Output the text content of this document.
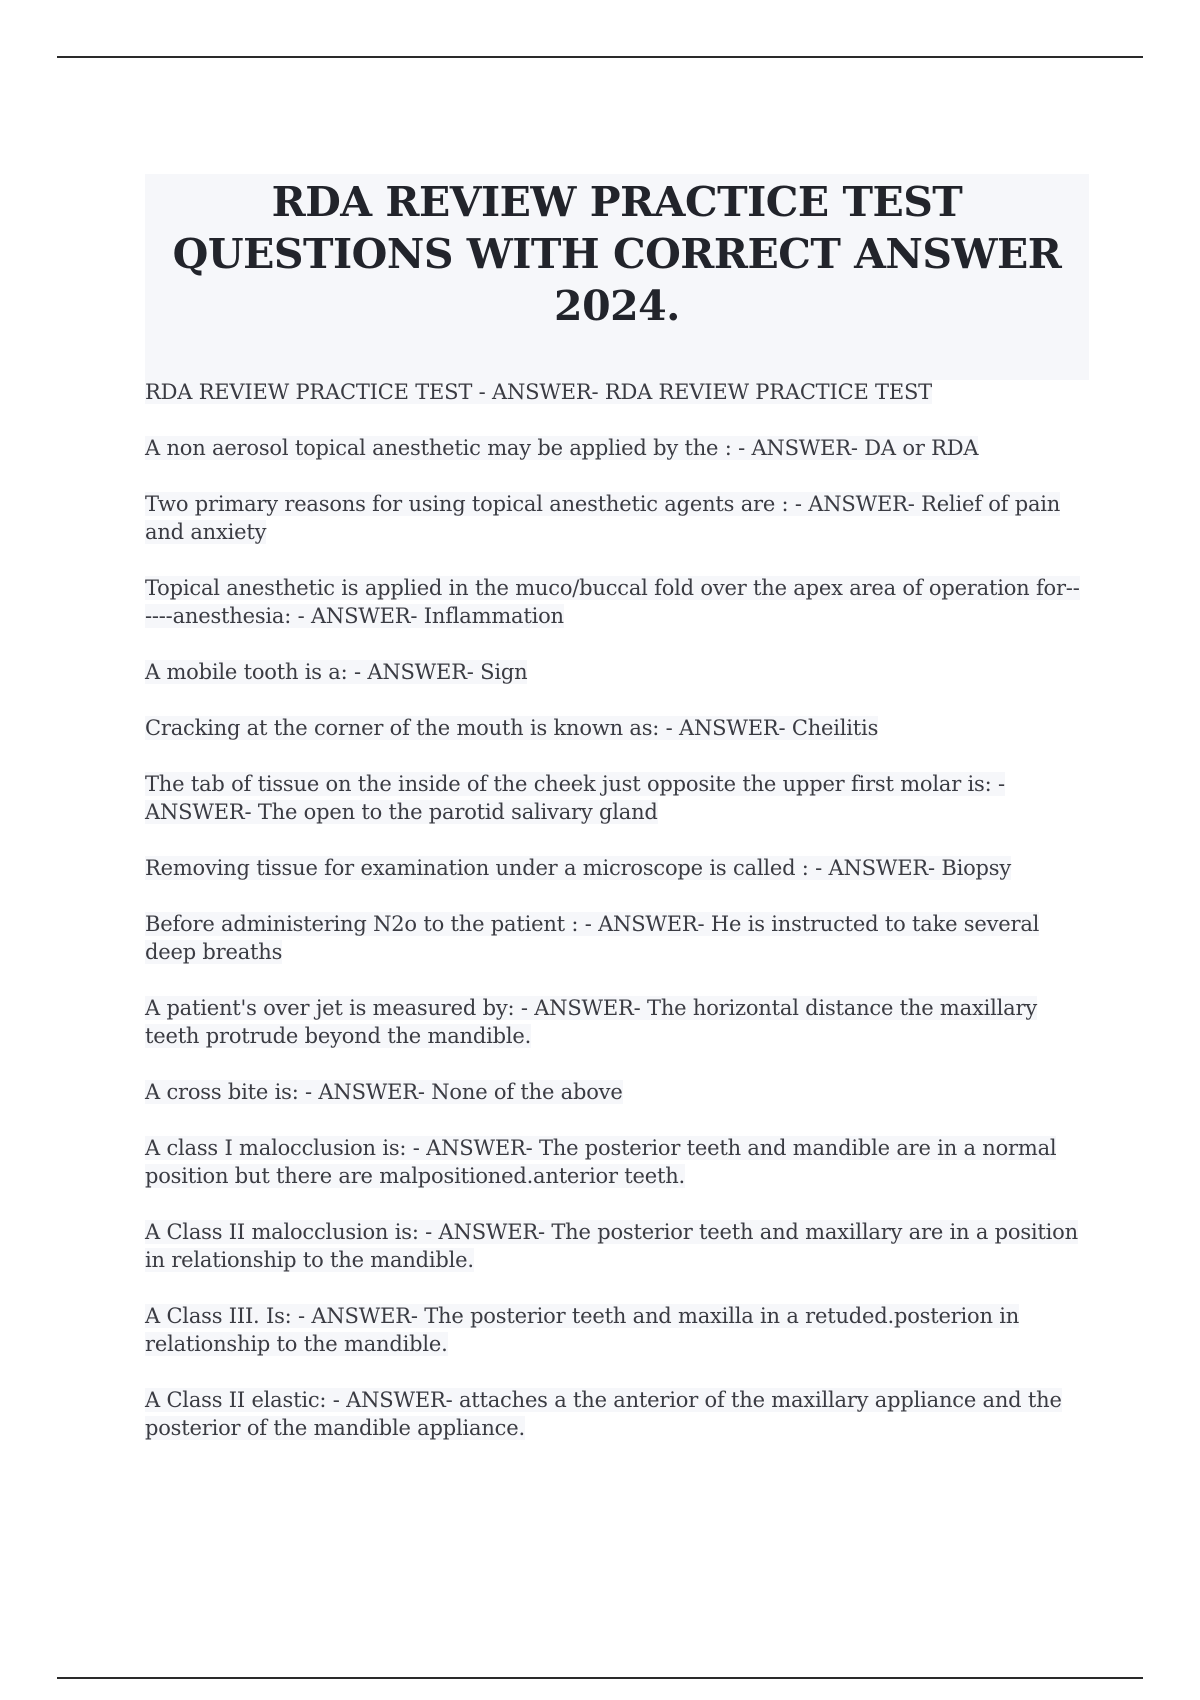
RDA REVIEW PRACTICE TEST QUESTIONS WITH CORRECT ANSWER 2024.

RDA REVIEW PRACTICE TEST - ANSWER- RDA REVIEW PRACTICE TEST

A non aerosol topical anesthetic may be applied by the : - ANSWER- DA or RDA

Two primary reasons for using topical anesthetic agents are : - ANSWER- Relief of pain and anxiety

Topical anesthetic is applied in the muco/buccal fold over the apex area of operation for------anesthesia: - ANSWER- Inflammation

A mobile tooth is a: - ANSWER- Sign

Cracking at the corner of the mouth is known as: - ANSWER- Cheilitis

The tab of tissue on the inside of the cheek just opposite the upper first molar is: - ANSWER- The open to the parotid salivary gland

Removing tissue for examination under a microscope is called : - ANSWER- Biopsy

Before administering N2o to the patient : - ANSWER- He is instructed to take several deep breaths

A patient's over jet is measured by: - ANSWER- The horizontal distance the maxillary teeth protrude beyond the mandible.

A cross bite is: - ANSWER- None of the above

A class I malocclusion is: - ANSWER- The posterior teeth and mandible are in a normal position but there are malpositioned.anterior teeth.

A Class II malocclusion is: - ANSWER- The posterior teeth and maxillary are in a position in relationship to the mandible.

A Class III. Is: - ANSWER- The posterior teeth and maxilla in a retuded.posterion in relationship to the mandible.

A Class II elastic: - ANSWER- attaches a the anterior of the maxillary appliance and the posterior of the mandible appliance.
